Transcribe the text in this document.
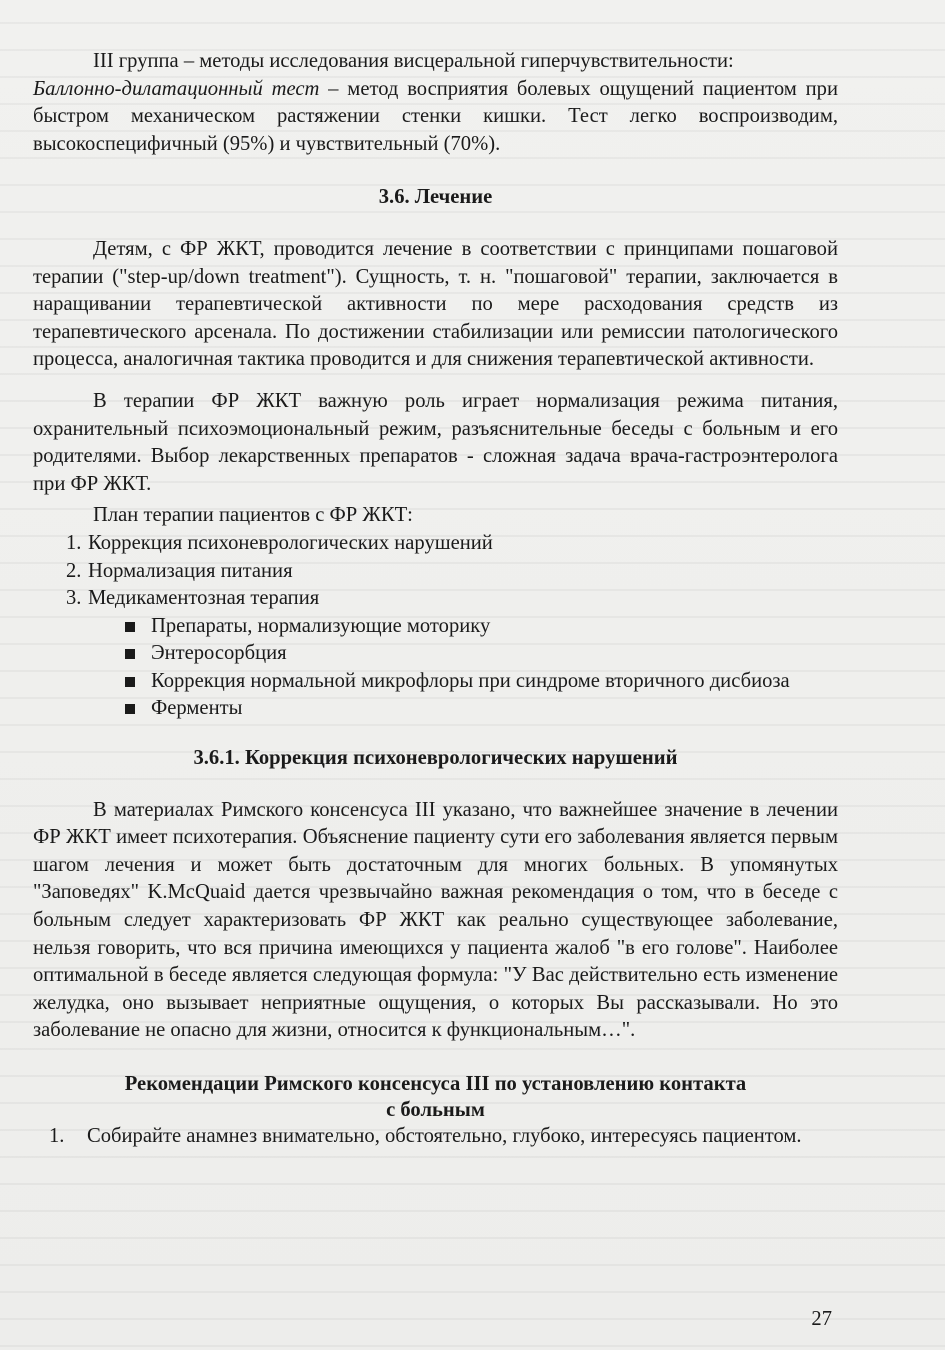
III группа – методы исследования висцеральной гиперчувствительности:

Баллонно-дилатационный тест – метод восприятия болевых ощущений пациентом при быстром механическом растяжении стенки кишки. Тест легко воспроизводим, высокоспецифичный (95%) и чувствительный (70%).

3.6. Лечение

Детям, с ФР ЖКТ, проводится лечение в соответствии с принципами пошаговой терапии ("step-up/down treatment"). Сущность, т. н. "пошаговой" терапии, заключается в наращивании терапевтической активности по мере расходования средств из терапевтического арсенала. По достижении стабилизации или ремиссии патологического процесса, аналогичная тактика проводится и для снижения терапевтической активности.

В терапии ФР ЖКТ важную роль играет нормализация режима питания, охранительный психоэмоциональный режим, разъяснительные беседы с больным и его родителями. Выбор лекарственных препаратов - сложная задача врача-гастроэнтеролога при ФР ЖКТ.

План терапии пациентов с ФР ЖКТ:

1. Коррекция психоневрологических нарушений
2. Нормализация питания
3. Медикаментозная терапия
Препараты, нормализующие моторику
Энтеросорбция
Коррекция нормальной микрофлоры при синдроме вторичного дисбиоза
Ферменты
3.6.1. Коррекция психоневрологических нарушений

В материалах Римского консенсуса III указано, что важнейшее значение в лечении ФР ЖКТ имеет психотерапия. Объяснение пациенту сути его заболевания является первым шагом лечения и может быть достаточным для многих больных. В упомянутых "Заповедях" K.McQuaid дается чрезвычайно важная рекомендация о том, что в беседе с больным следует характеризовать ФР ЖКТ как реально существующее заболевание, нельзя говорить, что вся причина имеющихся у пациента жалоб "в его голове". Наиболее оптимальной в беседе является следующая формула: "У Вас действительно есть изменение желудка, оно вызывает неприятные ощущения, о которых Вы рассказывали. Но это заболевание не опасно для жизни, относится к функциональным…".

Рекомендации Римского консенсуса III по установлению контакта
с больным
1.	Собирайте анамнез внимательно, обстоятельно, глубоко, интересуясь пациентом.
27
